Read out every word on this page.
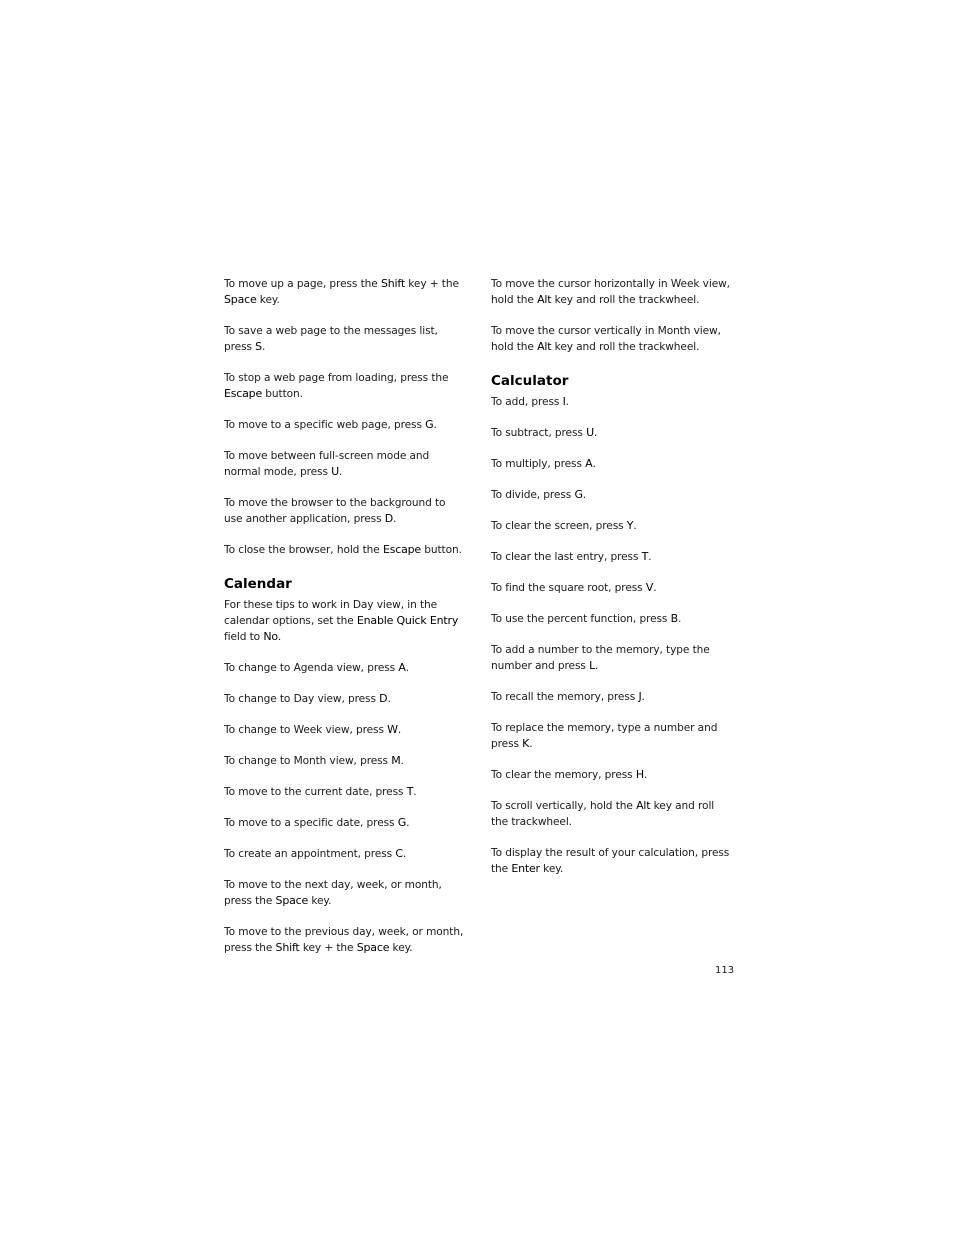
To move up a page, press the Shift key + the Space key.

To save a web page to the messages list, press S.

To stop a web page from loading, press the Escape button.

To move to a specific web page, press G.

To move between full-screen mode and normal mode, press U.

To move the browser to the background to use another application, press D.

To close the browser, hold the Escape button.

Calendar

For these tips to work in Day view, in the calendar options, set the Enable Quick Entry field to No.

To change to Agenda view, press A.

To change to Day view, press D.

To change to Week view, press W.

To change to Month view, press M.

To move to the current date, press T.

To move to a specific date, press G.

To create an appointment, press C.

To move to the next day, week, or month, press the Space key.

To move to the previous day, week, or month, press the Shift key + the Space key.

To move the cursor horizontally in Week view, hold the Alt key and roll the trackwheel.

To move the cursor vertically in Month view, hold the Alt key and roll the trackwheel.

Calculator

To add, press I.

To subtract, press U.

To multiply, press A.

To divide, press G.

To clear the screen, press Y.

To clear the last entry, press T.

To find the square root, press V.

To use the percent function, press B.

To add a number to the memory, type the number and press L.

To recall the memory, press J.

To replace the memory, type a number and press K.

To clear the memory, press H.

To scroll vertically, hold the Alt key and roll the trackwheel.

To display the result of your calculation, press the Enter key.

113
